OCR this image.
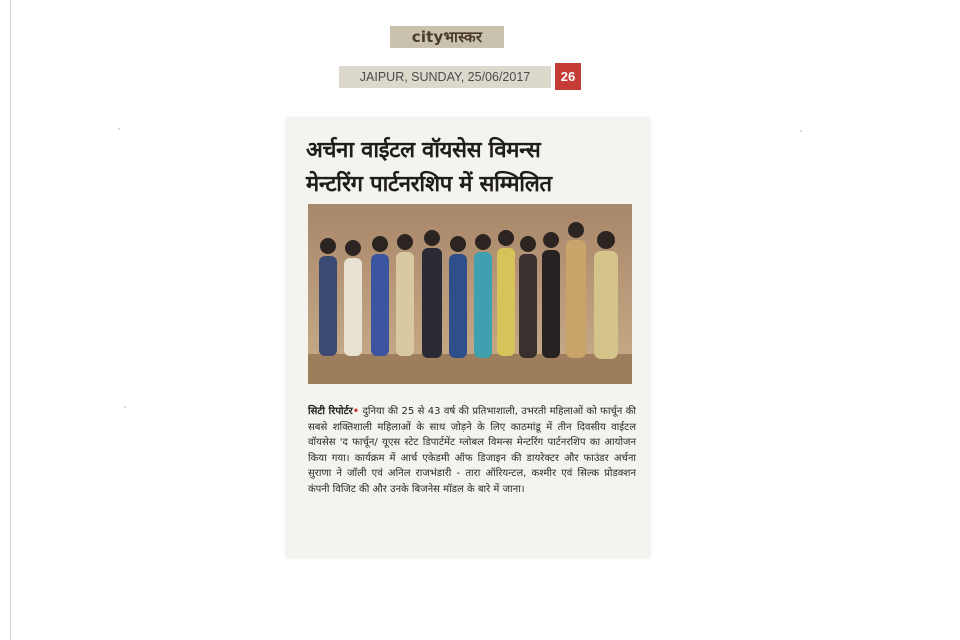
cityभास्कर
JAIPUR, SUNDAY, 25/06/2017	26
अर्चना वाईटल वॉयसेस विमन्स
मेन्टरिंग पार्टनरशिप में सम्मिलित

सिटी रिपोर्टर• दुनिया की 25 से 43 वर्ष की प्रतिभाशाली, उभरती महिलाओं को फार्चून की सबसे शक्तिशाली महिलाओं के साथ जोड़ने के लिए काठमांडू में तीन दिवसीय वाईटल वॉयसेस 'द फार्चून/ यूएस स्टेट डिपार्टमेंट ग्लोबल विमन्स मेन्टरिंग पार्टनरशिप का आयोजन किया गया। कार्यक्रम में आर्च एकेडमी ऑफ डिजाइन की डायरेक्टर और फाउंडर अर्चना सुराणा ने जॉली एवं अनिल राजभंडारी - तारा ऑरियन्टल, कश्मीर एवं सिल्क प्रोडक्शन कंपनी विजिट की और उनके बिजनेस मॉडल के बारे में जाना।
